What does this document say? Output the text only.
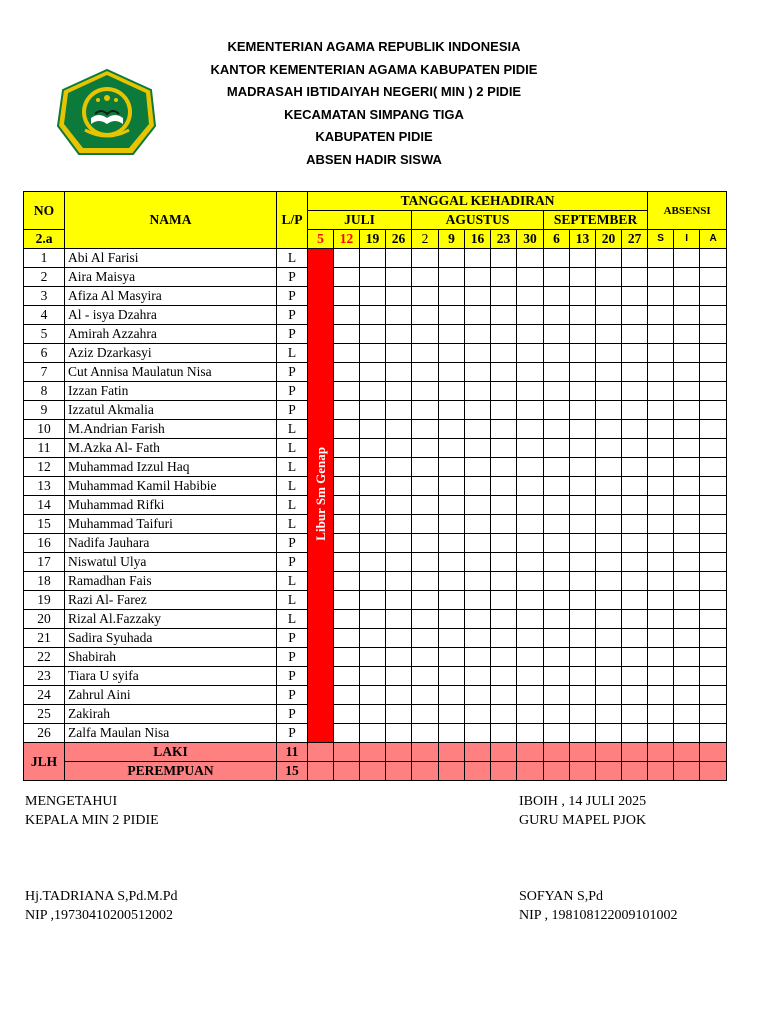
KEMENTERIAN AGAMA REPUBLIK INDONESIA
KANTOR KEMENTERIAN AGAMA KABUPATEN PIDIE
MADRASAH IBTIDAIYAH NEGERI( MIN ) 2 PIDIE
KECAMATAN SIMPANG TIGA
KABUPATEN PIDIE
ABSEN HADIR SISWA
NO	NAMA	L/P	TANGGAL KEHADIRAN													ABSENSI		
			JULI				AGUSTUS					SEPTEMBER						
2.a			5	12	19	26	2	9	16	23	30	6	13	20	27	S	I	A
1	Abi Al Farisi	L	Libur Sm Genap															
2	Aira Maisya	P																
3	Afiza Al Masyira	P																
4	Al - isya Dzahra	P																
5	Amirah Azzahra	P																
6	Aziz Dzarkasyi	L																
7	Cut Annisa Maulatun Nisa	P																
8	Izzan Fatin	P																
9	Izzatul Akmalia	P																
10	M.Andrian Farish	L																
11	M.Azka Al- Fath	L																
12	Muhammad Izzul Haq	L																
13	Muhammad Kamil Habibie	L																
14	Muhammad Rifki	L																
15	Muhammad Taifuri	L																
16	Nadifa Jauhara	P																
17	Niswatul Ulya	P																
18	Ramadhan Fais	L																
19	Razi Al- Farez	L																
20	Rizal Al.Fazzaky	L																
21	Sadira Syuhada	P																
22	Shabirah	P																
23	Tiara U syifa	P																
24	Zahrul Aini	P																
25	Zakirah	P																
26	Zalfa Maulan Nisa	P																
JLH	LAKI	11																
	PEREMPUAN	15																
MENGETAHUI
KEPALA MIN 2 PIDIE
Hj.TADRIANA S,Pd.M.Pd
NIP ,19730410200512002
IBOIH , 14 JULI 2025
GURU MAPEL PJOK
SOFYAN S,Pd
NIP , 198108122009101002
